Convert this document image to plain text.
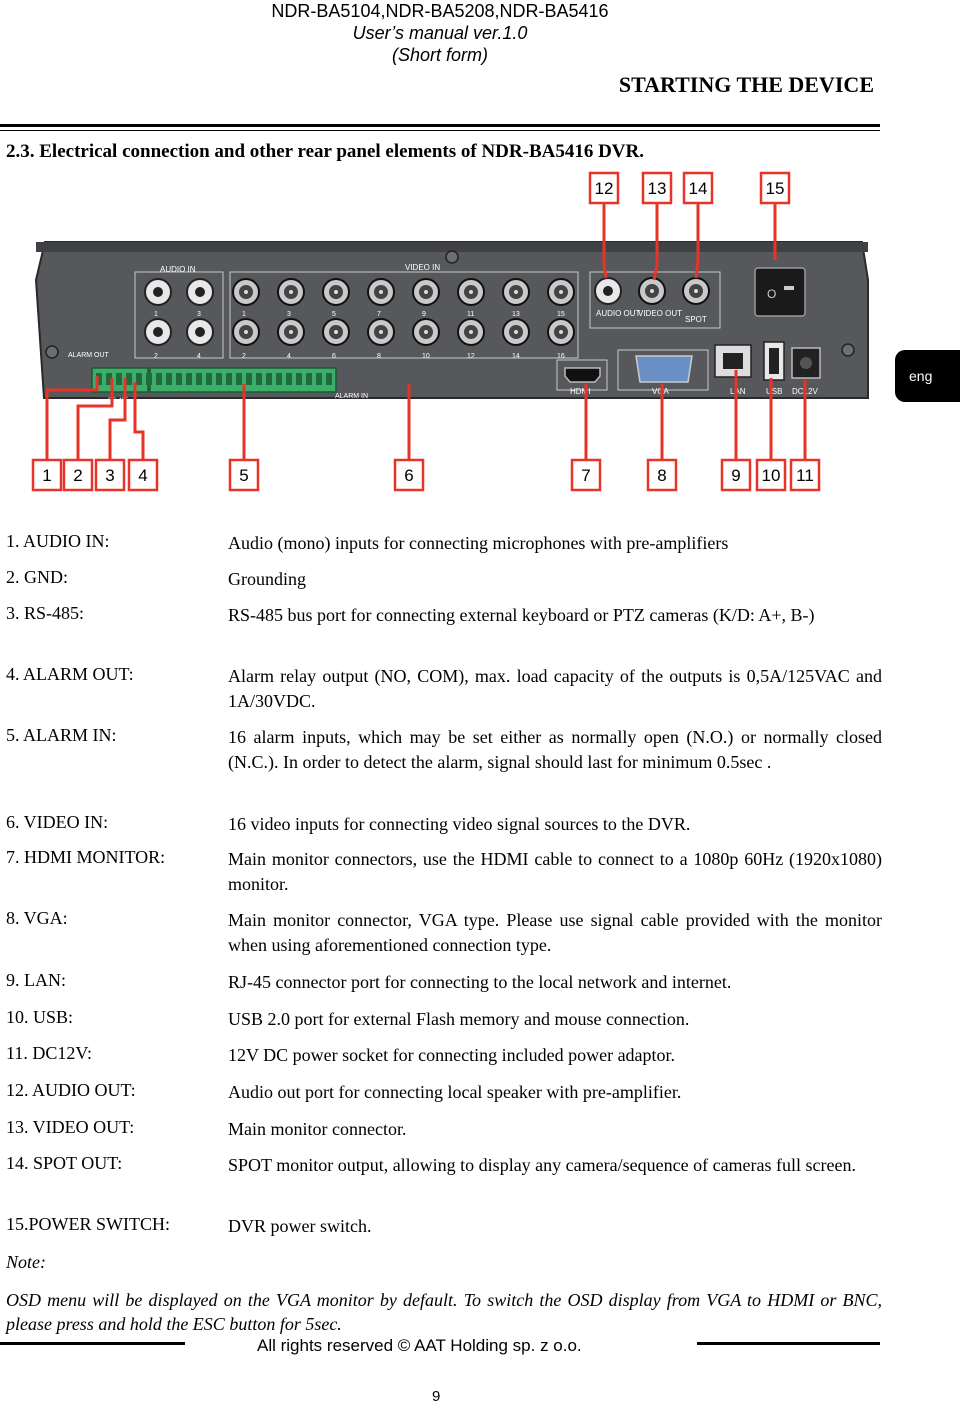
NDR-BA5104,NDR-BA5208,NDR-BA5416
User’s manual ver.1.0
(Short form)
STARTING THE DEVICE
2.3. Electrical connection and other rear panel elements of NDR-BA5416 DVR.
eng
AUDIO IN	VIDEO IN
ALARM OUT
ALARM IN
RS-485
1	3
2	4
1	3	5	7	9	11	13	15
2	4	6	8	10	12	14	16
AUDIO OUT
VIDEO OUT
SPOT
O
HDMI	VGA	LAN	USB DC12V
12 13 14	15
1 2 3 4	5	6	7	8	9 10 11
1. AUDIO IN:	Audio (mono) inputs for connecting microphones with pre-amplifiers
2. GND:	Grounding
3. RS-485:	RS-485 bus port for connecting external keyboard or PTZ cameras (K/D: A+, B-)
4. ALARM OUT:	Alarm relay output (NO, COM), max. load capacity of the outputs is 0,5A/125VAC and 1A/30VDC.
5. ALARM IN:	16 alarm inputs, which may be set either as normally open (N.O.) or normally closed (N.C.). In order to detect the alarm, signal should last for minimum 0.5sec .
6. VIDEO IN:	16 video inputs for connecting video signal sources to the DVR.
7. HDMI MONITOR:	Main monitor connectors, use the HDMI cable to connect to a 1080p 60Hz (1920x1080) monitor.
8. VGA:	Main monitor connector, VGA type. Please use signal cable provided with the monitor when using aforementioned connection type.
9. LAN:	RJ-45 connector port for connecting to the local network and internet.
10. USB:	USB 2.0 port for external Flash memory and mouse connection.
11. DC12V:	12V DC power socket for connecting included power adaptor.
12. AUDIO OUT:	Audio out port for connecting local speaker with pre-amplifier.
13. VIDEO OUT:	Main monitor connector.
14. SPOT OUT:	SPOT monitor output, allowing to display any camera/sequence of cameras full screen.
15.POWER SWITCH:	DVR power switch.
Note:
OSD menu will be displayed on the VGA monitor by default. To switch the OSD display from VGA to HDMI or BNC, please press and hold the ESC button for 5sec.
All rights reserved © AAT Holding sp. z o.o.
9
